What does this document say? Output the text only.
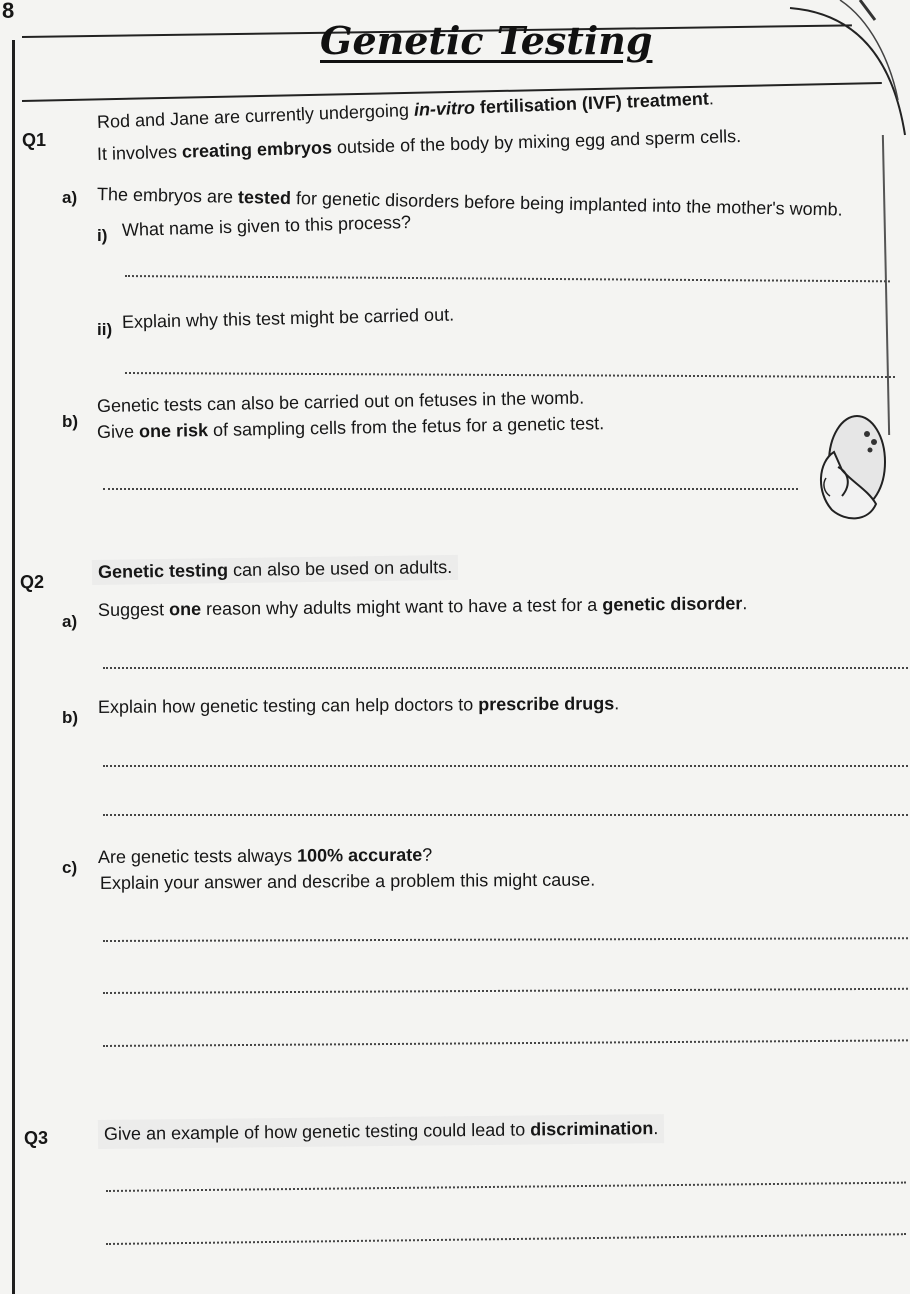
8
Genetic Testing
Q1
Rod and Jane are currently undergoing in-vitro fertilisation (IVF) treatment.
It involves creating embryos outside of the body by mixing egg and sperm cells.
a) The embryos are tested for genetic disorders before being implanted into the mother's womb.
i) What name is given to this process?
ii) Explain why this test might be carried out.
b)
Genetic tests can also be carried out on fetuses in the womb.
Give one risk of sampling cells from the fetus for a genetic test.
Q2
Genetic testing can also be used on adults.
a)
Suggest one reason why adults might want to have a test for a genetic disorder.
b)
Explain how genetic testing can help doctors to prescribe drugs.
c)
Are genetic tests always 100% accurate?
Explain your answer and describe a problem this might cause.
Q3	Give an example of how genetic testing could lead to discrimination.
